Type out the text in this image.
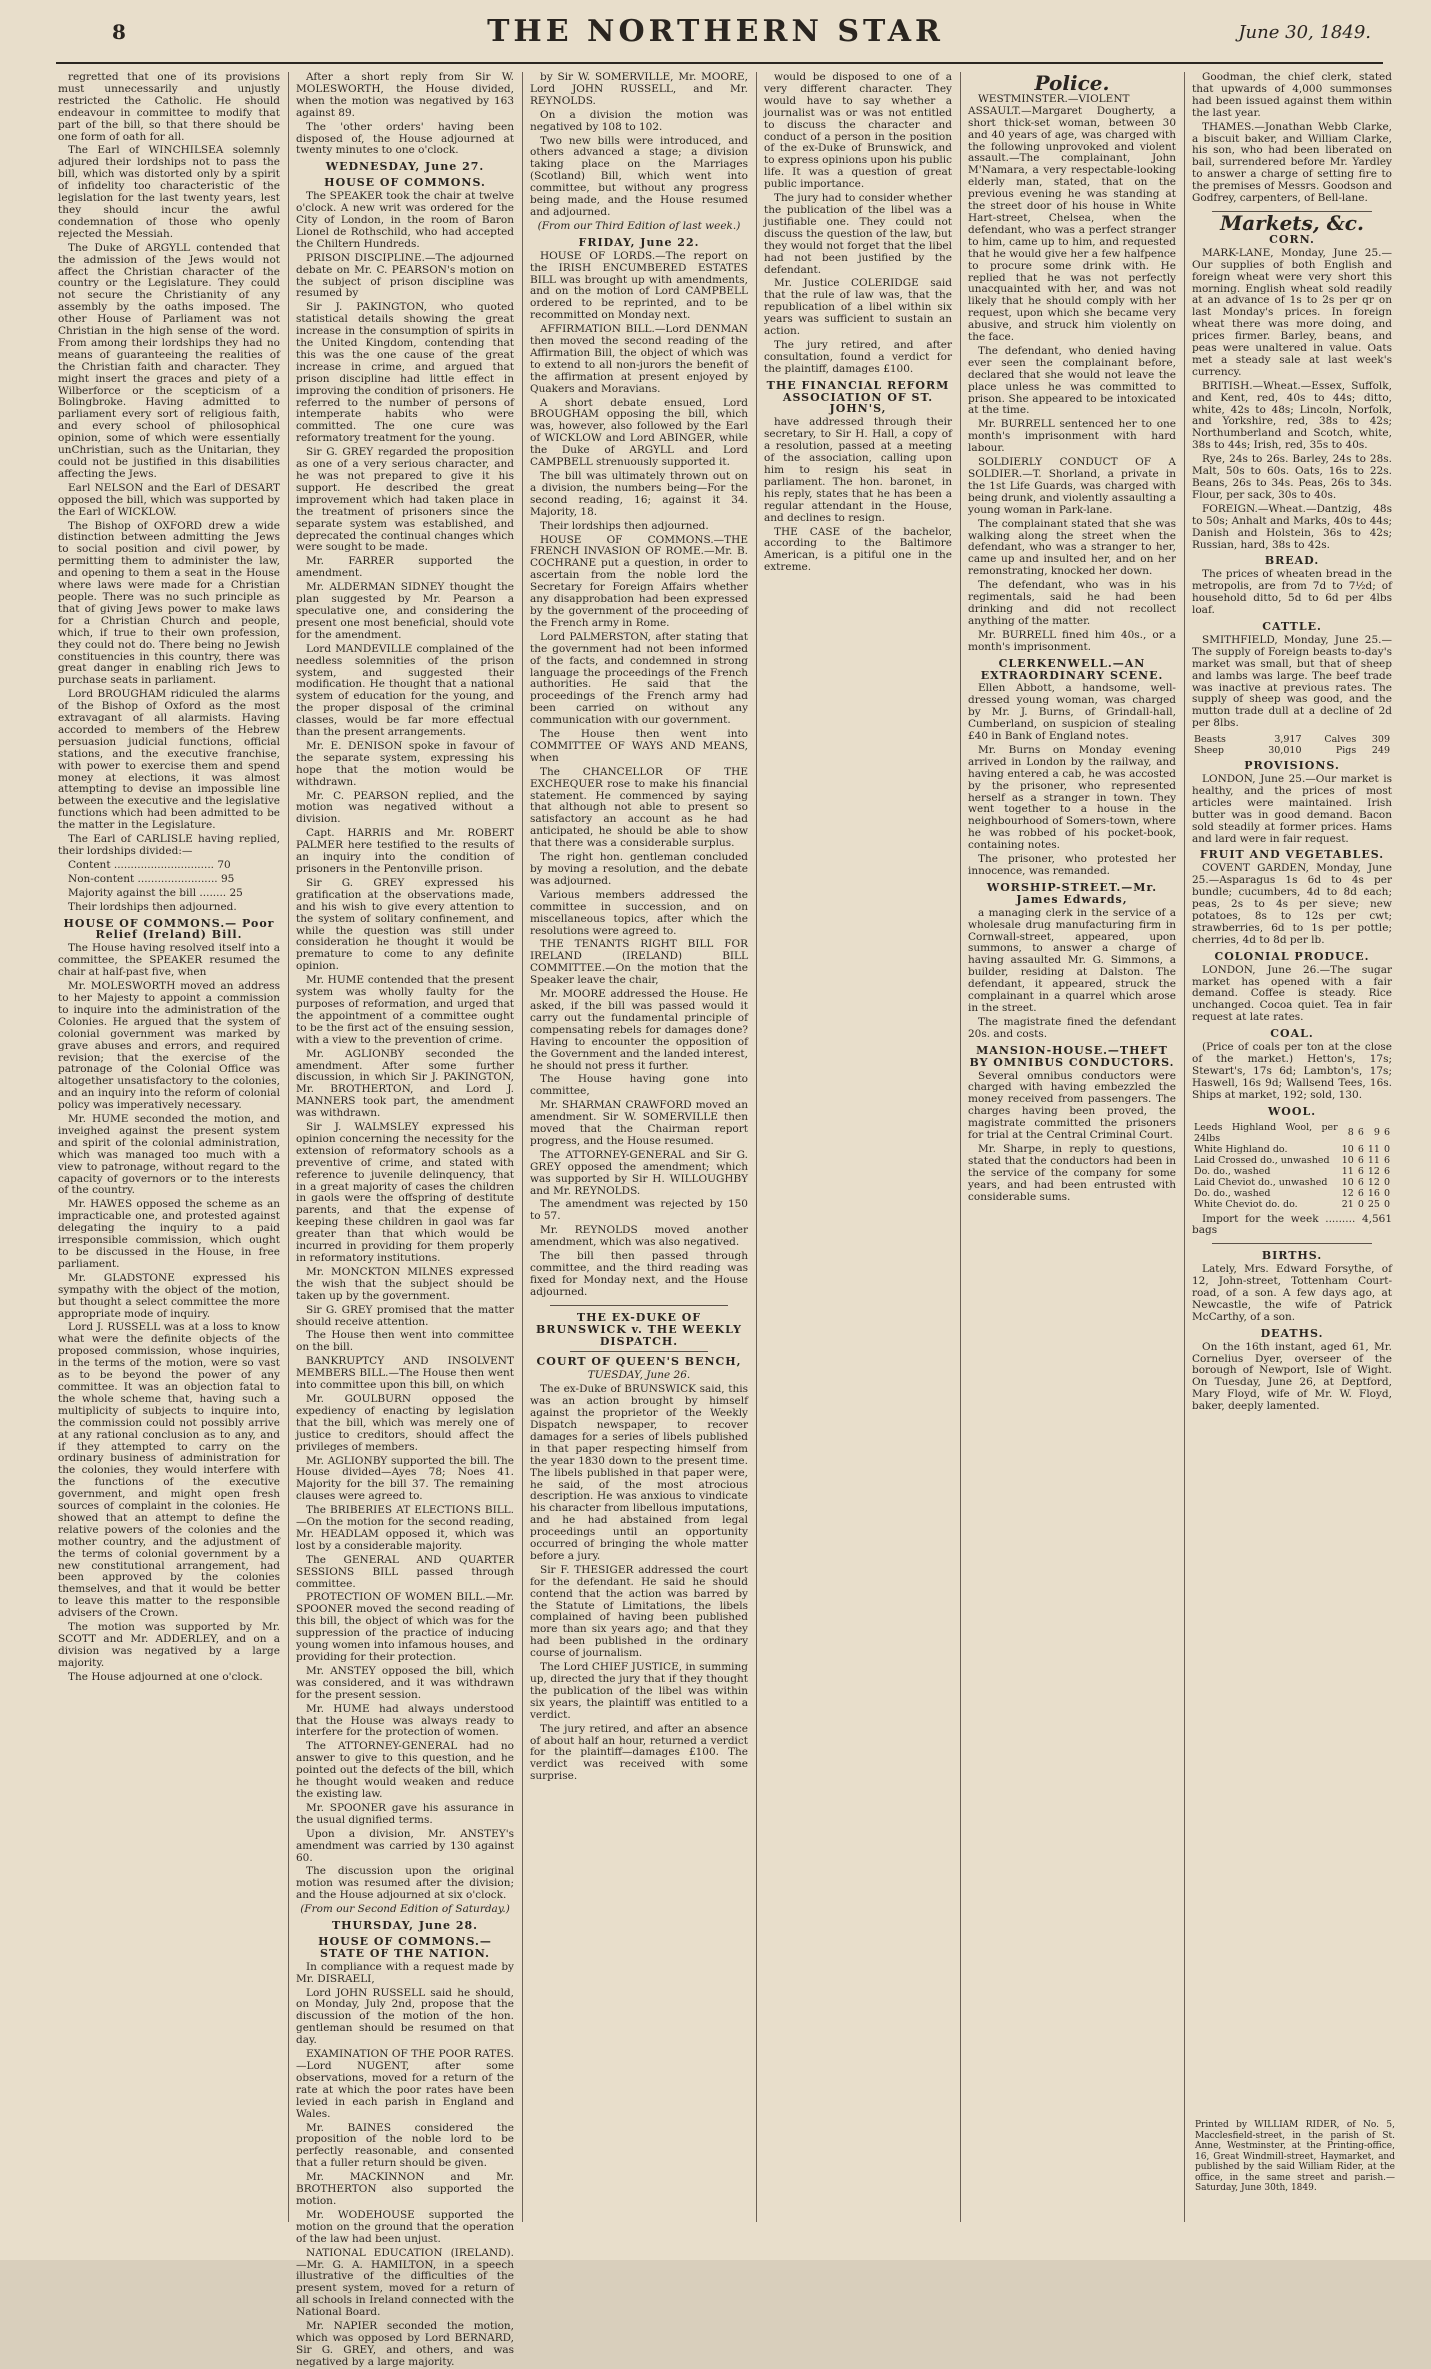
8	THE NORTHERN STAR	June 30, 1849.

regretted that one of its provisions must unnecessarily and unjustly restricted the Catholic. He should endeavour in committee to modify that part of the bill, so that there should be one form of oath for all.

The Earl of WINCHILSEA solemnly adjured their lordships not to pass the bill, which was distorted only by a spirit of infidelity too characteristic of the legislation for the last twenty years, lest they should incur the awful condemnation of those who openly rejected the Messiah.

The Duke of ARGYLL contended that the admission of the Jews would not affect the Christian character of the country or the Legislature. They could not secure the Christianity of any assembly by the oaths imposed. The other House of Parliament was not Christian in the high sense of the word. From among their lordships they had no means of guaranteeing the realities of the Christian faith and character. They might insert the graces and piety of a Wilberforce or the scepticism of a Bolingbroke. Having admitted to parliament every sort of religious faith, and every school of philosophical opinion, some of which were essentially unChristian, such as the Unitarian, they could not be justified in this disabilities affecting the Jews.

Earl NELSON and the Earl of DESART opposed the bill, which was supported by the Earl of WICKLOW.

The Bishop of OXFORD drew a wide distinction between admitting the Jews to social position and civil power, by permitting them to administer the law, and opening to them a seat in the House where laws were made for a Christian people. There was no such principle as that of giving Jews power to make laws for a Christian Church and people, which, if true to their own profession, they could not do. There being no Jewish constituencies in this country, there was great danger in enabling rich Jews to purchase seats in parliament.

Lord BROUGHAM ridiculed the alarms of the Bishop of Oxford as the most extravagant of all alarmists. Having accorded to members of the Hebrew persuasion judicial functions, official stations, and the executive franchise, with power to exercise them and spend money at elections, it was almost attempting to devise an impossible line between the executive and the legislative functions which had been admitted to be the matter in the Legislature.

The Earl of CARLISLE having replied, their lordships divided:—

Content .............................. 70

Non-content ........................ 95

Majority against the bill ........ 25

Their lordships then adjourned.

HOUSE OF COMMONS.— Poor Relief (Ireland) Bill.

The House having resolved itself into a committee, the SPEAKER resumed the chair at half-past five, when

Mr. MOLESWORTH moved an address to her Majesty to appoint a commission to inquire into the administration of the Colonies. He argued that the system of colonial government was marked by grave abuses and errors, and required revision; that the exercise of the patronage of the Colonial Office was altogether unsatisfactory to the colonies, and an inquiry into the reform of colonial policy was imperatively necessary.

Mr. HUME seconded the motion, and inveighed against the present system and spirit of the colonial administration, which was managed too much with a view to patronage, without regard to the capacity of governors or to the interests of the country.

Mr. HAWES opposed the scheme as an impracticable one, and protested against delegating the inquiry to a paid irresponsible commission, which ought to be discussed in the House, in free parliament.

Mr. GLADSTONE expressed his sympathy with the object of the motion, but thought a select committee the more appropriate mode of inquiry.

Lord J. RUSSELL was at a loss to know what were the definite objects of the proposed commission, whose inquiries, in the terms of the motion, were so vast as to be beyond the power of any committee. It was an objection fatal to the whole scheme that, having such a multiplicity of subjects to inquire into, the commission could not possibly arrive at any rational conclusion as to any, and if they attempted to carry on the ordinary business of administration for the colonies, they would interfere with the functions of the executive government, and might open fresh sources of complaint in the colonies. He showed that an attempt to define the relative powers of the colonies and the mother country, and the adjustment of the terms of colonial government by a new constitutional arrangement, had been approved by the colonies themselves, and that it would be better to leave this matter to the responsible advisers of the Crown.

The motion was supported by Mr. SCOTT and Mr. ADDERLEY, and on a division was negatived by a large majority.

The House adjourned at one o'clock.

After a short reply from Sir W. MOLESWORTH, the House divided, when the motion was negatived by 163 against 89.

The 'other orders' having been disposed of, the House adjourned at twenty minutes to one o'clock.

WEDNESDAY, June 27.

HOUSE OF COMMONS.

The SPEAKER took the chair at twelve o'clock. A new writ was ordered for the City of London, in the room of Baron Lionel de Rothschild, who had accepted the Chiltern Hundreds.

PRISON DISCIPLINE.—The adjourned debate on Mr. C. PEARSON's motion on the subject of prison discipline was resumed by

Sir J. PAKINGTON, who quoted statistical details showing the great increase in the consumption of spirits in the United Kingdom, contending that this was the one cause of the great increase in crime, and argued that prison discipline had little effect in improving the condition of prisoners. He referred to the number of persons of intemperate habits who were committed. The one cure was reformatory treatment for the young.

Sir G. GREY regarded the proposition as one of a very serious character, and he was not prepared to give it his support. He described the great improvement which had taken place in the treatment of prisoners since the separate system was established, and deprecated the continual changes which were sought to be made.

Mr. FARRER supported the amendment.

Mr. ALDERMAN SIDNEY thought the plan suggested by Mr. Pearson a speculative one, and considering the present one most beneficial, should vote for the amendment.

Lord MANDEVILLE complained of the needless solemnities of the prison system, and suggested their modification. He thought that a national system of education for the young, and the proper disposal of the criminal classes, would be far more effectual than the present arrangements.

Mr. E. DENISON spoke in favour of the separate system, expressing his hope that the motion would be withdrawn.

Mr. C. PEARSON replied, and the motion was negatived without a division.

Capt. HARRIS and Mr. ROBERT PALMER here testified to the results of an inquiry into the condition of prisoners in the Pentonville prison.

Sir G. GREY expressed his gratification at the observations made, and his wish to give every attention to the system of solitary confinement, and while the question was still under consideration he thought it would be premature to come to any definite opinion.

Mr. HUME contended that the present system was wholly faulty for the purposes of reformation, and urged that the appointment of a committee ought to be the first act of the ensuing session, with a view to the prevention of crime.

Mr. AGLIONBY seconded the amendment. After some further discussion, in which Sir J. PAKINGTON, Mr. BROTHERTON, and Lord J. MANNERS took part, the amendment was withdrawn.

Sir J. WALMSLEY expressed his opinion concerning the necessity for the extension of reformatory schools as a preventive of crime, and stated with reference to juvenile delinquency, that in a great majority of cases the children in gaols were the offspring of destitute parents, and that the expense of keeping these children in gaol was far greater than that which would be incurred in providing for them properly in reformatory institutions.

Mr. MONCKTON MILNES expressed the wish that the subject should be taken up by the government.

Sir G. GREY promised that the matter should receive attention.

The House then went into committee on the bill.

BANKRUPTCY AND INSOLVENT MEMBERS BILL.—The House then went into committee upon this bill, on which

Mr. GOULBURN opposed the expediency of enacting by legislation that the bill, which was merely one of justice to creditors, should affect the privileges of members.

Mr. AGLIONBY supported the bill. The House divided—Ayes 78; Noes 41. Majority for the bill 37. The remaining clauses were agreed to.

The BRIBERIES AT ELECTIONS BILL.—On the motion for the second reading, Mr. HEADLAM opposed it, which was lost by a considerable majority.

The GENERAL AND QUARTER SESSIONS BILL passed through committee.

PROTECTION OF WOMEN BILL.—Mr. SPOONER moved the second reading of this bill, the object of which was for the suppression of the practice of inducing young women into infamous houses, and providing for their protection.

Mr. ANSTEY opposed the bill, which was considered, and it was withdrawn for the present session.

Mr. HUME had always understood that the House was always ready to interfere for the protection of women.

The ATTORNEY-GENERAL had no answer to give to this question, and he pointed out the defects of the bill, which he thought would weaken and reduce the existing law.

Mr. SPOONER gave his assurance in the usual dignified terms.

Upon a division, Mr. ANSTEY's amendment was carried by 130 against 60.

The discussion upon the original motion was resumed after the division; and the House adjourned at six o'clock.

(From our Second Edition of Saturday.)

THURSDAY, June 28.

HOUSE OF COMMONS.—STATE OF THE NATION.

In compliance with a request made by Mr. DISRAELI,

Lord JOHN RUSSELL said he should, on Monday, July 2nd, propose that the discussion of the motion of the hon. gentleman should be resumed on that day.

EXAMINATION OF THE POOR RATES.—Lord NUGENT, after some observations, moved for a return of the rate at which the poor rates have been levied in each parish in England and Wales.

Mr. BAINES considered the proposition of the noble lord to be perfectly reasonable, and consented that a fuller return should be given.

Mr. MACKINNON and Mr. BROTHERTON also supported the motion.

Mr. WODEHOUSE supported the motion on the ground that the operation of the law had been unjust.

NATIONAL EDUCATION (IRELAND).—Mr. G. A. HAMILTON, in a speech illustrative of the difficulties of the present system, moved for a return of all schools in Ireland connected with the National Board.

Mr. NAPIER seconded the motion, which was opposed by Lord BERNARD, Sir G. GREY, and others, and was negatived by a large majority.

by Sir W. SOMERVILLE, Mr. MOORE, Lord JOHN RUSSELL, and Mr. REYNOLDS.

On a division the motion was negatived by 108 to 102.

Two new bills were introduced, and others advanced a stage; a division taking place on the Marriages (Scotland) Bill, which went into committee, but without any progress being made, and the House resumed and adjourned.

(From our Third Edition of last week.)

FRIDAY, June 22.

HOUSE OF LORDS.—The report on the IRISH ENCUMBERED ESTATES BILL was brought up with amendments, and on the motion of Lord CAMPBELL ordered to be reprinted, and to be recommitted on Monday next.

AFFIRMATION BILL.—Lord DENMAN then moved the second reading of the Affirmation Bill, the object of which was to extend to all non-jurors the benefit of the affirmation at present enjoyed by Quakers and Moravians.

A short debate ensued, Lord BROUGHAM opposing the bill, which was, however, also followed by the Earl of WICKLOW and Lord ABINGER, while the Duke of ARGYLL and Lord CAMPBELL strenuously supported it.

The bill was ultimately thrown out on a division, the numbers being—For the second reading, 16; against it 34. Majority, 18.

Their lordships then adjourned.

HOUSE OF COMMONS.—THE FRENCH INVASION OF ROME.—Mr. B. COCHRANE put a question, in order to ascertain from the noble lord the Secretary for Foreign Affairs whether any disapprobation had been expressed by the government of the proceeding of the French army in Rome.

Lord PALMERSTON, after stating that the government had not been informed of the facts, and condemned in strong language the proceedings of the French authorities. He said that the proceedings of the French army had been carried on without any communication with our government.

The House then went into COMMITTEE OF WAYS AND MEANS, when

The CHANCELLOR OF THE EXCHEQUER rose to make his financial statement. He commenced by saying that although not able to present so satisfactory an account as he had anticipated, he should be able to show that there was a considerable surplus.

The right hon. gentleman concluded by moving a resolution, and the debate was adjourned.

Various members addressed the committee in succession, and on miscellaneous topics, after which the resolutions were agreed to.

THE TENANTS RIGHT BILL FOR IRELAND (IRELAND) BILL COMMITTEE.—On the motion that the Speaker leave the chair,

Mr. MOORE addressed the House. He asked, if the bill was passed would it carry out the fundamental principle of compensating rebels for damages done? Having to encounter the opposition of the Government and the landed interest, he should not press it further.

The House having gone into committee,

Mr. SHARMAN CRAWFORD moved an amendment. Sir W. SOMERVILLE then moved that the Chairman report progress, and the House resumed.

The ATTORNEY-GENERAL and Sir G. GREY opposed the amendment; which was supported by Sir H. WILLOUGHBY and Mr. REYNOLDS.

The amendment was rejected by 150 to 57.

Mr. REYNOLDS moved another amendment, which was also negatived.

The bill then passed through committee, and the third reading was fixed for Monday next, and the House adjourned.

THE EX-DUKE OF BRUNSWICK v. THE WEEKLY DISPATCH.

COURT OF QUEEN'S BENCH,

TUESDAY, June 26.

The ex-Duke of BRUNSWICK said, this was an action brought by himself against the proprietor of the Weekly Dispatch newspaper, to recover damages for a series of libels published in that paper respecting himself from the year 1830 down to the present time. The libels published in that paper were, he said, of the most atrocious description. He was anxious to vindicate his character from libellous imputations, and he had abstained from legal proceedings until an opportunity occurred of bringing the whole matter before a jury.

Sir F. THESIGER addressed the court for the defendant. He said he should contend that the action was barred by the Statute of Limitations, the libels complained of having been published more than six years ago; and that they had been published in the ordinary course of journalism.

The Lord CHIEF JUSTICE, in summing up, directed the jury that if they thought the publication of the libel was within six years, the plaintiff was entitled to a verdict.

The jury retired, and after an absence of about half an hour, returned a verdict for the plaintiff—damages £100. The verdict was received with some surprise.

would be disposed to one of a very different character. They would have to say whether a journalist was or was not entitled to discuss the character and conduct of a person in the position of the ex-Duke of Brunswick, and to express opinions upon his public life. It was a question of great public importance.

The jury had to consider whether the publication of the libel was a justifiable one. They could not discuss the question of the law, but they would not forget that the libel had not been justified by the defendant.

Mr. Justice COLERIDGE said that the rule of law was, that the republication of a libel within six years was sufficient to sustain an action.

The jury retired, and after consultation, found a verdict for the plaintiff, damages £100.

THE FINANCIAL REFORM ASSOCIATION OF ST. JOHN'S,

have addressed through their secretary, to Sir H. Hall, a copy of a resolution, passed at a meeting of the association, calling upon him to resign his seat in parliament. The hon. baronet, in his reply, states that he has been a regular attendant in the House, and declines to resign.

THE CASE of the bachelor, according to the Baltimore American, is a pitiful one in the extreme.

Police.

WESTMINSTER.—VIOLENT ASSAULT.—Margaret Dougherty, a short thick-set woman, between 30 and 40 years of age, was charged with the following unprovoked and violent assault.—The complainant, John M'Namara, a very respectable-looking elderly man, stated, that on the previous evening he was standing at the street door of his house in White Hart-street, Chelsea, when the defendant, who was a perfect stranger to him, came up to him, and requested that he would give her a few halfpence to procure some drink with. He replied that he was not perfectly unacquainted with her, and was not likely that he should comply with her request, upon which she became very abusive, and struck him violently on the face.

The defendant, who denied having ever seen the complainant before, declared that she would not leave the place unless he was committed to prison. She appeared to be intoxicated at the time.

Mr. BURRELL sentenced her to one month's imprisonment with hard labour.

SOLDIERLY CONDUCT OF A SOLDIER.—T. Shorland, a private in the 1st Life Guards, was charged with being drunk, and violently assaulting a young woman in Park-lane.

The complainant stated that she was walking along the street when the defendant, who was a stranger to her, came up and insulted her, and on her remonstrating, knocked her down.

The defendant, who was in his regimentals, said he had been drinking and did not recollect anything of the matter.

Mr. BURRELL fined him 40s., or a month's imprisonment.

CLERKENWELL.—AN EXTRAORDINARY SCENE.

Ellen Abbott, a handsome, well-dressed young woman, was charged by Mr. J. Burns, of Grindall-hall, Cumberland, on suspicion of stealing £40 in Bank of England notes.

Mr. Burns on Monday evening arrived in London by the railway, and having entered a cab, he was accosted by the prisoner, who represented herself as a stranger in town. They went together to a house in the neighbourhood of Somers-town, where he was robbed of his pocket-book, containing notes.

The prisoner, who protested her innocence, was remanded.

WORSHIP-STREET.—Mr. James Edwards,

a managing clerk in the service of a wholesale drug manufacturing firm in Cornwall-street, appeared, upon summons, to answer a charge of having assaulted Mr. G. Simmons, a builder, residing at Dalston. The defendant, it appeared, struck the complainant in a quarrel which arose in the street.

The magistrate fined the defendant 20s. and costs.

MANSION-HOUSE.—THEFT BY OMNIBUS CONDUCTORS.

Several omnibus conductors were charged with having embezzled the money received from passengers. The charges having been proved, the magistrate committed the prisoners for trial at the Central Criminal Court.

Mr. Sharpe, in reply to questions, stated that the conductors had been in the service of the company for some years, and had been entrusted with considerable sums.

Goodman, the chief clerk, stated that upwards of 4,000 summonses had been issued against them within the last year.

THAMES.—Jonathan Webb Clarke, a biscuit baker, and William Clarke, his son, who had been liberated on bail, surrendered before Mr. Yardley to answer a charge of setting fire to the premises of Messrs. Goodson and Godfrey, carpenters, of Bell-lane.

Markets, &c.

CORN.

MARK-LANE, Monday, June 25.—Our supplies of both English and foreign wheat were very short this morning. English wheat sold readily at an advance of 1s to 2s per qr on last Monday's prices. In foreign wheat there was more doing, and prices firmer. Barley, beans, and peas were unaltered in value. Oats met a steady sale at last week's currency.

BRITISH.—Wheat.—Essex, Suffolk, and Kent, red, 40s to 44s; ditto, white, 42s to 48s; Lincoln, Norfolk, and Yorkshire, red, 38s to 42s; Northumberland and Scotch, white, 38s to 44s; Irish, red, 35s to 40s.

Rye, 24s to 26s. Barley, 24s to 28s. Malt, 50s to 60s. Oats, 16s to 22s. Beans, 26s to 34s. Peas, 26s to 34s. Flour, per sack, 30s to 40s.

FOREIGN.—Wheat.—Dantzig, 48s to 50s; Anhalt and Marks, 40s to 44s; Danish and Holstein, 36s to 42s; Russian, hard, 38s to 42s.

BREAD.

The prices of wheaten bread in the metropolis, are from 7d to 7½d; of household ditto, 5d to 6d per 4lbs loaf.

CATTLE.

SMITHFIELD, Monday, June 25.—The supply of Foreign beasts to-day's market was small, but that of sheep and lambs was large. The beef trade was inactive at previous rates. The supply of sheep was good, and the mutton trade dull at a decline of 2d per 8lbs.

Beasts	3,917	Calves	309
Sheep	30,010	Pigs	249

PROVISIONS.

LONDON, June 25.—Our market is healthy, and the prices of most articles were maintained. Irish butter was in good demand. Bacon sold steadily at former prices. Hams and lard were in fair request.

FRUIT AND VEGETABLES.

COVENT GARDEN, Monday, June 25.—Asparagus 1s 6d to 4s per bundle; cucumbers, 4d to 8d each; peas, 2s to 4s per sieve; new potatoes, 8s to 12s per cwt; strawberries, 6d to 1s per pottle; cherries, 4d to 8d per lb.

COLONIAL PRODUCE.

LONDON, June 26.—The sugar market has opened with a fair demand. Coffee is steady. Rice unchanged. Cocoa quiet. Tea in fair request at late rates.

COAL.

(Price of coals per ton at the close of the market.) Hetton's, 17s; Stewart's, 17s 6d; Lambton's, 17s; Haswell, 16s 9d; Wallsend Tees, 16s. Ships at market, 192; sold, 130.

WOOL.

Leeds Highland Wool, per 24lbs	8	6	9	6
White Highland do.	10	6	11	0
Laid Crossed do., unwashed	10	6	11	6
Do. do., washed	11	6	12	6
Laid Cheviot do., unwashed	10	6	12	0
Do. do., washed	12	6	16	0
White Cheviot do. do.	21	0	25	0

Import for the week ......... 4,561 bags

BIRTHS.

Lately, Mrs. Edward Forsythe, of 12, John-street, Tottenham Court-road, of a son. A few days ago, at Newcastle, the wife of Patrick McCarthy, of a son.

DEATHS.

On the 16th instant, aged 61, Mr. Cornelius Dyer, overseer of the borough of Newport, Isle of Wight. On Tuesday, June 26, at Deptford, Mary Floyd, wife of Mr. W. Floyd, baker, deeply lamented.

Printed by WILLIAM RIDER, of No. 5, Macclesfield-street, in the parish of St. Anne, Westminster, at the Printing-office, 16, Great Windmill-street, Haymarket, and published by the said William Rider, at the office, in the same street and parish.—Saturday, June 30th, 1849.
